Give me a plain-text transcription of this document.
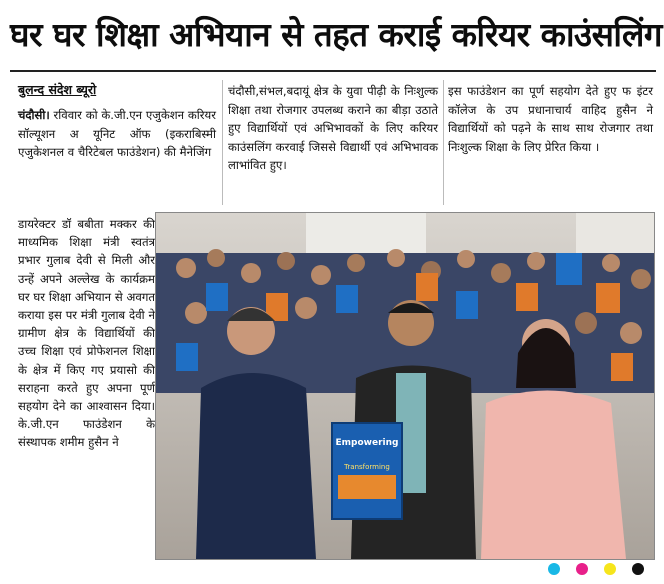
घर घर शिक्षा अभियान से तहत कराई करियर काउंसलिंग
बुलन्द संदेश ब्यूरो
चंदौसी। रविवार को के.जी.एन एजुकेशन करियर सॉल्यूशन अ यूनिट ऑफ (इकराबिस्मी एजुकेशनल व चैरिटेबल फाउंडेशन) की मैनेजिंग
डायरेक्टर डॉ बबीता मक्कर की माध्यमिक शिक्षा मंत्री स्वतंत्र प्रभार गुलाब देवी से मिली और उन्हें अपने अल्लेख के कार्यक्रम घर घर शिक्षा अभियान से अवगत कराया इस पर मंत्री गुलाब देवी ने ग्रामीण क्षेत्र के विद्यार्थियों की उच्च शिक्षा एवं प्रोफेशनल शिक्षा के क्षेत्र में किए गए प्रयासो की सराहना करते हुए अपना पूर्ण सहयोग देने का आश्वासन दिया। के.जी.एन फाउंडेशन के संस्थापक शमीम हुसैन ने
चंदौसी,संभल,बदायूं क्षेत्र के युवा पीढ़ी के निःशुल्क शिक्षा तथा रोजगार उपलब्ध कराने का बीड़ा उठाते हुए विद्यार्थियों एवं अभिभावकों के लिए करियर काउंसलिंग करवाई जिससे विद्यार्थी एवं अभिभावक लाभांवित हुए।
इस फाउंडेशन का पूर्ण सहयोग देते हुए फ इंटर कॉलेज के उप प्रधानाचार्य वाहिद हुसैन ने विद्यार्थियों को पढ़ने के साथ साथ रोजगार तथा निःशुल्क शिक्षा के लिए प्रेरित किया ।
Empowering
Transforming
